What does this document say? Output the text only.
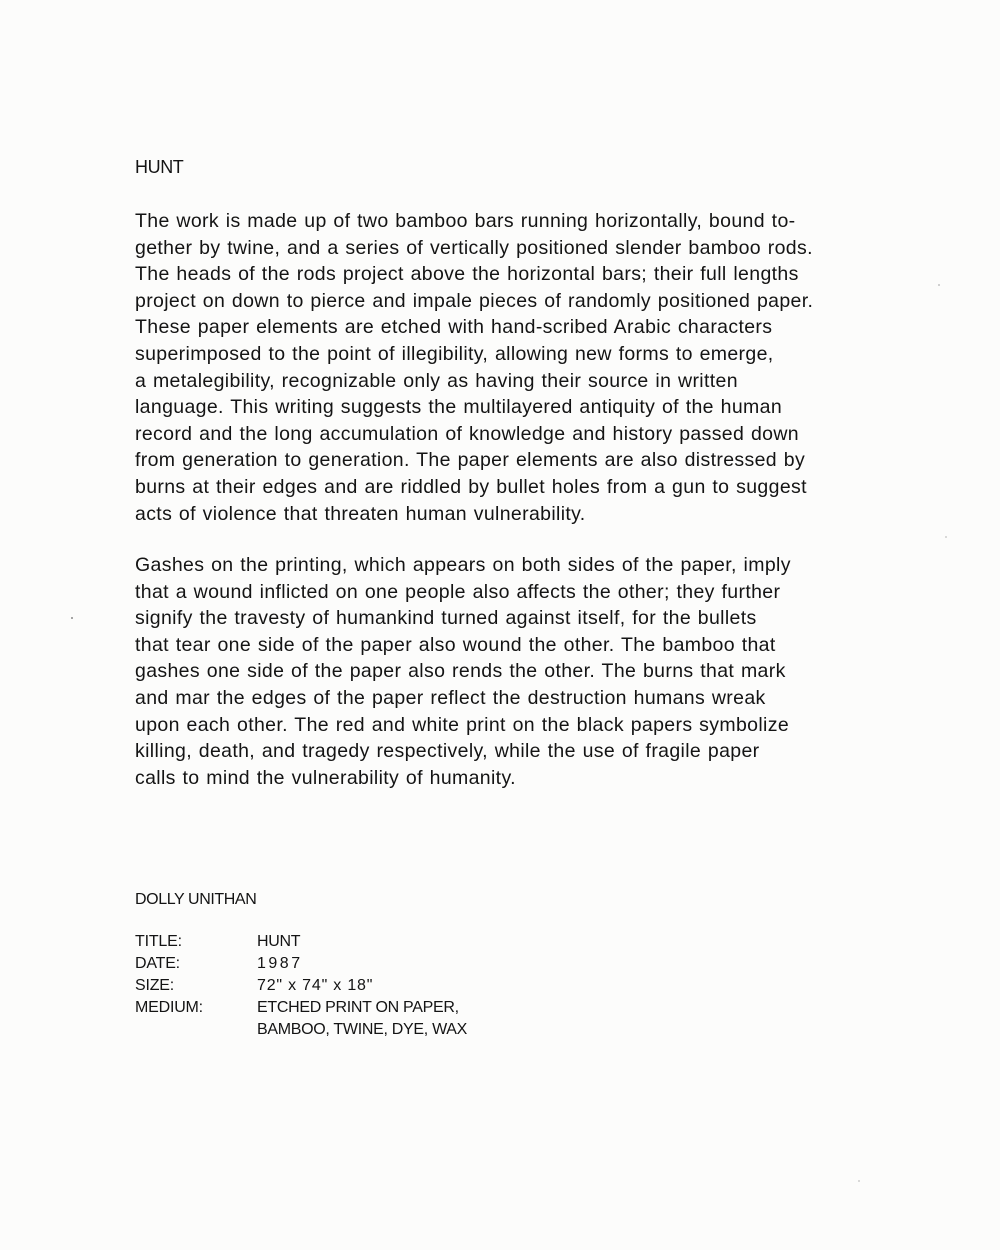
HUNT

The work is made up of two bamboo bars running horizontally, bound to-
gether by twine, and a series of vertically positioned slender bamboo rods.
The heads of the rods project above the horizontal bars; their full lengths
project on down to pierce and impale pieces of randomly positioned paper.
These paper elements are etched with hand-scribed Arabic characters
superimposed to the point of illegibility, allowing new forms to emerge,
a metalegibility, recognizable only as having their source in written
language. This writing suggests the multilayered antiquity of the human
record and the long accumulation of knowledge and history passed down
from generation to generation. The paper elements are also distressed by
burns at their edges and are riddled by bullet holes from a gun to suggest
acts of violence that threaten human vulnerability.

Gashes on the printing, which appears on both sides of the paper, imply
that a wound inflicted on one people also affects the other; they further
signify the travesty of humankind turned against itself, for the bullets
that tear one side of the paper also wound the other. The bamboo that
gashes one side of the paper also rends the other. The burns that mark
and mar the edges of the paper reflect the destruction humans wreak
upon each other. The red and white print on the black papers symbolize
killing, death, and tragedy respectively, while the use of fragile paper
calls to mind the vulnerability of humanity.

DOLLY UNITHAN
TITLE:	HUNT
DATE:	1987
SIZE:	72" x 74" x 18"
MEDIUM:	ETCHED PRINT ON PAPER,
BAMBOO, TWINE, DYE, WAX
